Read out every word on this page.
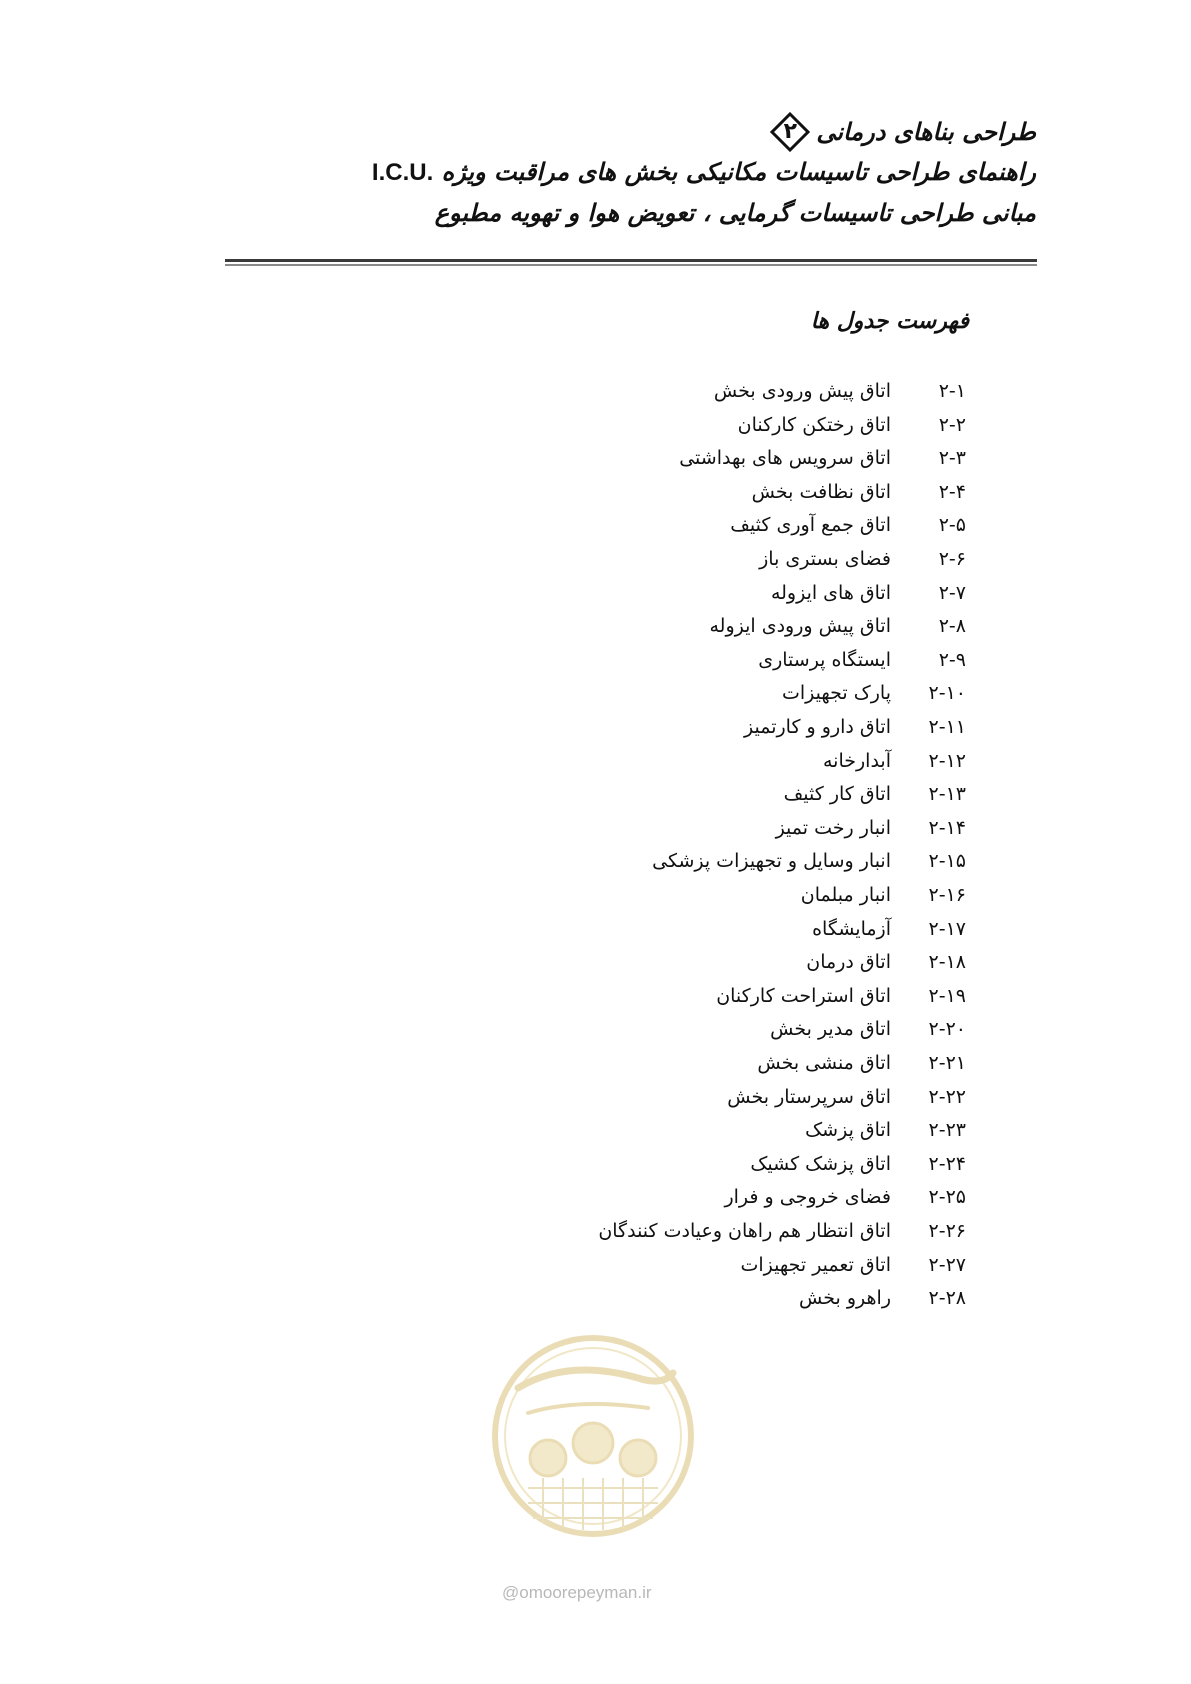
طراحی بناهای درمانی
۲
راهنمای طراحی تاسیسات مکانیکی بخش های مراقبت ویژه I.C.U.
مبانی طراحی تاسیسات گرمایی ، تعویض هوا و تهویه مطبوع
فهرست جدول ها
۲-۱
اتاق پیش ورودی بخش
۲-۲
اتاق رختکن کارکنان
۲-۳
اتاق سرویس های بهداشتی
۲-۴
اتاق نظافت بخش
۲-۵
اتاق جمع آوری کثیف
۲-۶
فضای بستری باز
۲-۷
اتاق های ایزوله
۲-۸
اتاق پیش ورودی ایزوله
۲-۹
ایستگاه پرستاری
۲-۱۰
پارک تجهیزات
۲-۱۱
اتاق دارو و کارتمیز
۲-۱۲
آبدارخانه
۲-۱۳
اتاق کار کثیف
۲-۱۴
انبار رخت تمیز
۲-۱۵
انبار وسایل و تجهیزات پزشکی
۲-۱۶
انبار مبلمان
۲-۱۷
آزمایشگاه
۲-۱۸
اتاق درمان
۲-۱۹
اتاق استراحت کارکنان
۲-۲۰
اتاق مدیر بخش
۲-۲۱
اتاق منشی بخش
۲-۲۲
اتاق سرپرستار بخش
۲-۲۳
اتاق پزشک
۲-۲۴
اتاق پزشک کشیک
۲-۲۵
فضای خروجی و فرار
۲-۲۶
اتاق انتظار هم راهان وعیادت کنندگان
۲-۲۷
اتاق تعمیر تجهیزات
۲-۲۸
راهرو بخش
@omoorepeyman.ir
